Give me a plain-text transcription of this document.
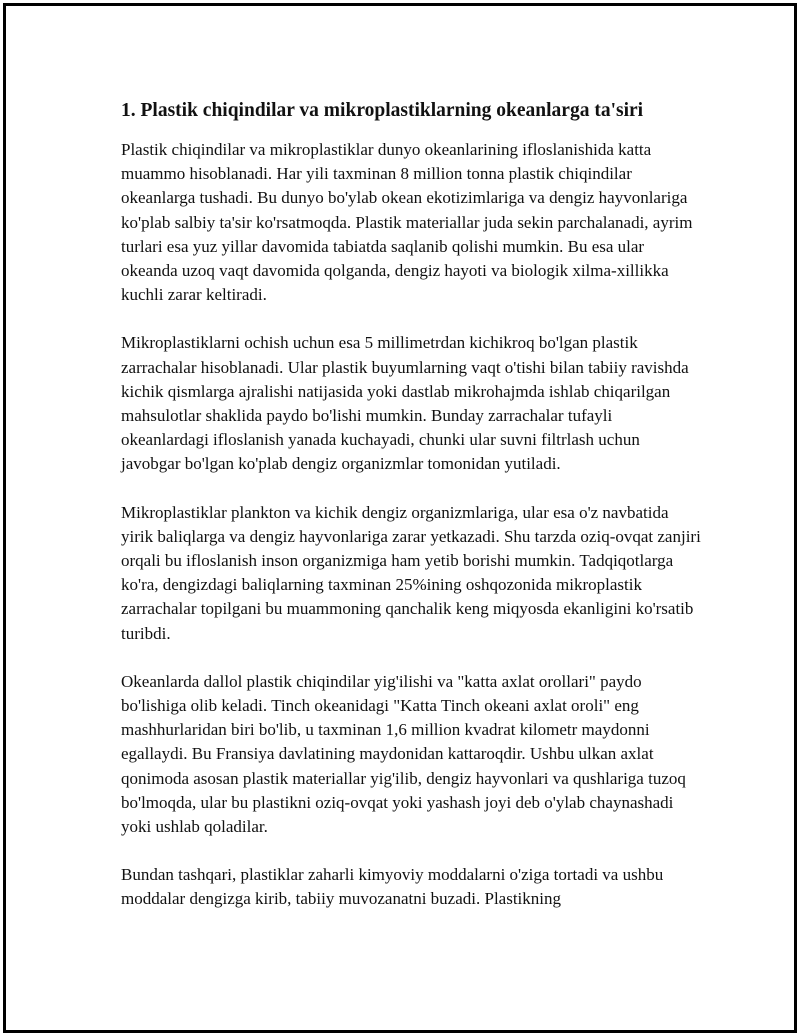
1. Plastik chiqindilar va mikroplastiklarning okeanlarga ta'siri

Plastik chiqindilar va mikroplastiklar dunyo okeanlarining ifloslanishida katta muammo hisoblanadi. Har yili taxminan 8 million tonna plastik chiqindilar okeanlarga tushadi. Bu dunyo bo'ylab okean ekotizimlariga va dengiz hayvonlariga ko'plab salbiy ta'sir ko'rsatmoqda. Plastik materiallar juda sekin parchalanadi, ayrim turlari esa yuz yillar davomida tabiatda saqlanib qolishi mumkin. Bu esa ular okeanda uzoq vaqt davomida qolganda, dengiz hayoti va biologik xilma-xillikka kuchli zarar keltiradi.

Mikroplastiklarni ochish uchun esa 5 millimetrdan kichikroq bo'lgan plastik zarrachalar hisoblanadi. Ular plastik buyumlarning vaqt o'tishi bilan tabiiy ravishda kichik qismlarga ajralishi natijasida yoki dastlab mikrohajmda ishlab chiqarilgan mahsulotlar shaklida paydo bo'lishi mumkin. Bunday zarrachalar tufayli okeanlardagi ifloslanish yanada kuchayadi, chunki ular suvni filtrlash uchun javobgar bo'lgan ko'plab dengiz organizmlar tomonidan yutiladi.

Mikroplastiklar plankton va kichik dengiz organizmlariga, ular esa o'z navbatida yirik baliqlarga va dengiz hayvonlariga zarar yetkazadi. Shu tarzda oziq-ovqat zanjiri orqali bu ifloslanish inson organizmiga ham yetib borishi mumkin. Tadqiqotlarga ko'ra, dengizdagi baliqlarning taxminan 25%ining oshqozonida mikroplastik zarrachalar topilgani bu muammoning qanchalik keng miqyosda ekanligini ko'rsatib turibdi.

Okeanlarda dallol plastik chiqindilar yig'ilishi va "katta axlat orollari" paydo bo'lishiga olib keladi. Tinch okeanidagi "Katta Tinch okeani axlat oroli" eng mashhurlaridan biri bo'lib, u taxminan 1,6 million kvadrat kilometr maydonni egallaydi. Bu Fransiya davlatining maydonidan kattaroqdir. Ushbu ulkan axlat qonimoda asosan plastik materiallar yig'ilib, dengiz hayvonlari va qushlariga tuzoq bo'lmoqda, ular bu plastikni oziq-ovqat yoki yashash joyi deb o'ylab chaynashadi yoki ushlab qoladilar.

Bundan tashqari, plastiklar zaharli kimyoviy moddalarni o'ziga tortadi va ushbu moddalar dengizga kirib, tabiiy muvozanatni buzadi. Plastikning
